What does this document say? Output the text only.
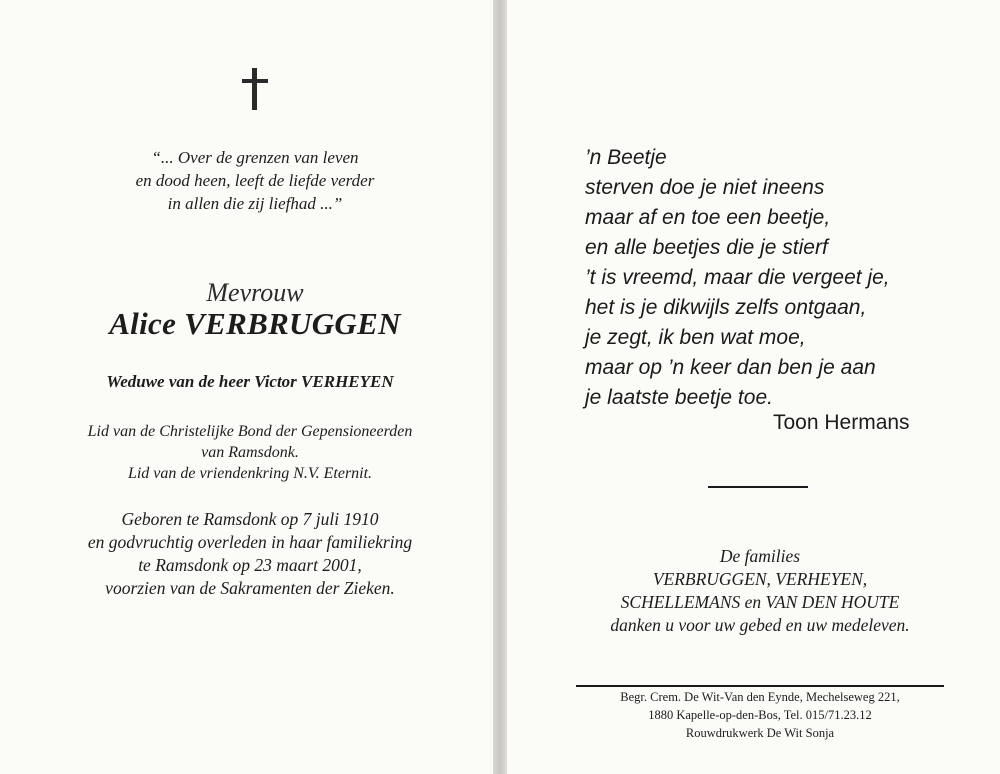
“... Over de grenzen van leven
en dood heen, leeft de liefde verder
in allen die zij liefhad ...”
Mevrouw
Alice VERBRUGGEN
Weduwe van de heer Victor VERHEYEN
Lid van de Christelijke Bond der Gepensioneerden
van Ramsdonk.
Lid van de vriendenkring N.V. Eternit.
Geboren te Ramsdonk op 7 juli 1910
en godvruchtig overleden in haar familiekring
te Ramsdonk op 23 maart 2001,
voorzien van de Sakramenten der Zieken.
’n Beetje
sterven doe je niet ineens
maar af en toe een beetje,
en alle beetjes die je stierf
’t is vreemd, maar die vergeet je,
het is je dikwijls zelfs ontgaan,
je zegt, ik ben wat moe,
maar op ’n keer dan ben je aan
je laatste beetje toe.
Toon Hermans
De families
VERBRUGGEN, VERHEYEN,
SCHELLEMANS en VAN DEN HOUTE
danken u voor uw gebed en uw medeleven.
Begr. Crem. De Wit-Van den Eynde, Mechelseweg 221,
1880 Kapelle-op-den-Bos, Tel. 015/71.23.12
Rouwdrukwerk De Wit Sonja
